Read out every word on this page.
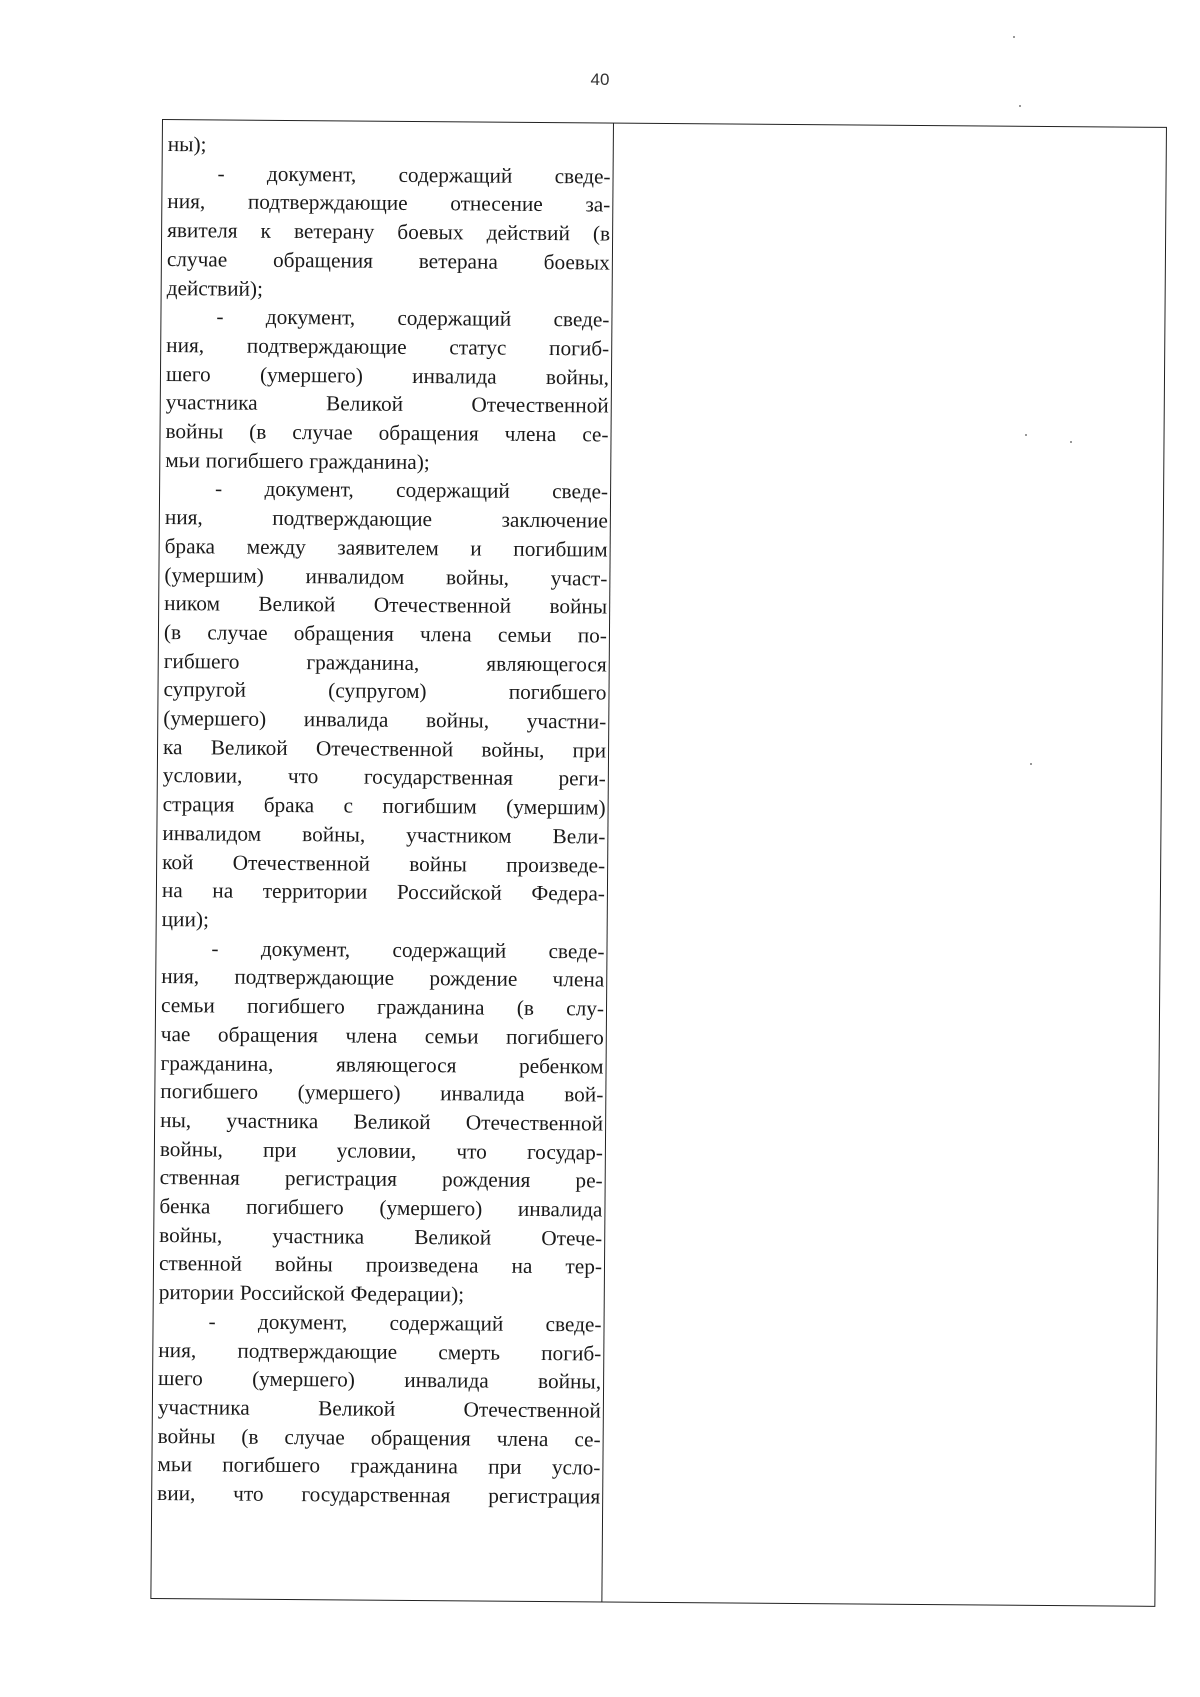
40
ны);
- документ, содержащий сведе-
ния, подтверждающие отнесение за-
явителя к ветерану боевых действий (в
случае обращения ветерана боевых
действий);
- документ, содержащий сведе-
ния, подтверждающие статус погиб-
шего (умершего) инвалида войны,
участника Великой Отечественной
войны (в случае обращения члена се-
мьи погибшего гражданина);
- документ, содержащий сведе-
ния, подтверждающие заключение
брака между заявителем и погибшим
(умершим) инвалидом войны, участ-
ником Великой Отечественной войны
(в случае обращения члена семьи по-
гибшего гражданина, являющегося
супругой (супругом) погибшего
(умершего) инвалида войны, участни-
ка Великой Отечественной войны, при
условии, что государственная реги-
страция брака с погибшим (умершим)
инвалидом войны, участником Вели-
кой Отечественной войны произведе-
на на территории Российской Федера-
ции);
- документ, содержащий сведе-
ния, подтверждающие рождение члена
семьи погибшего гражданина (в слу-
чае обращения члена семьи погибшего
гражданина, являющегося ребенком
погибшего (умершего) инвалида вой-
ны, участника Великой Отечественной
войны, при условии, что государ-
ственная регистрация рождения ре-
бенка погибшего (умершего) инвалида
войны, участника Великой Отече-
ственной войны произведена на тер-
ритории Российской Федерации);
- документ, содержащий сведе-
ния, подтверждающие смерть погиб-
шего (умершего) инвалида войны,
участника Великой Отечественной
войны (в случае обращения члена се-
мьи погибшего гражданина при усло-
вии, что государственная регистрация
